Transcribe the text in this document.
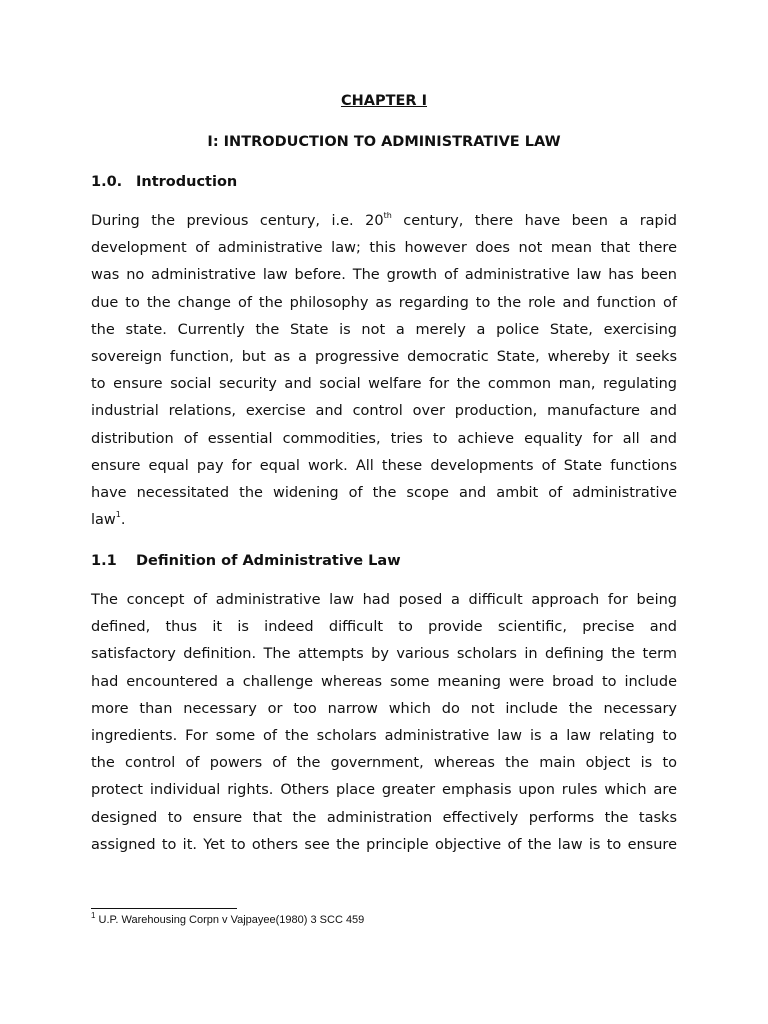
CHAPTER I
I: INTRODUCTION TO ADMINISTRATIVE LAW
1.0. Introduction
During the previous century, i.e. 20th century, there have been a rapid
development of administrative law; this however does not mean that there
was no administrative law before. The growth of administrative law has been
due to the change of the philosophy as regarding to the role and function of
the state. Currently the State is not a merely a police State, exercising
sovereign function, but as a progressive democratic State, whereby it seeks
to ensure social security and social welfare for the common man, regulating
industrial relations, exercise and control over production, manufacture and
distribution of essential commodities, tries to achieve equality for all and
ensure equal pay for equal work. All these developments of State functions
have necessitated the widening of the scope and ambit of administrative
law$^1$.
1.1 Definition of Administrative Law
The concept of administrative law had posed a difficult approach for being
defined, thus it is indeed difficult to provide scientific, precise and
satisfactory definition. The attempts by various scholars in defining the term
had encountered a challenge whereas some meaning were broad to include
more than necessary or too narrow which do not include the necessary
ingredients. For some of the scholars administrative law is a law relating to
the control of powers of the government, whereas the main object is to
protect individual rights. Others place greater emphasis upon rules which are
designed to ensure that the administration effectively performs the tasks
assigned to it. Yet to others see the principle objective of the law is to ensure
$^1$ U.P. Warehousing Corpn v Vajpayee(1980) 3 SCC 459
